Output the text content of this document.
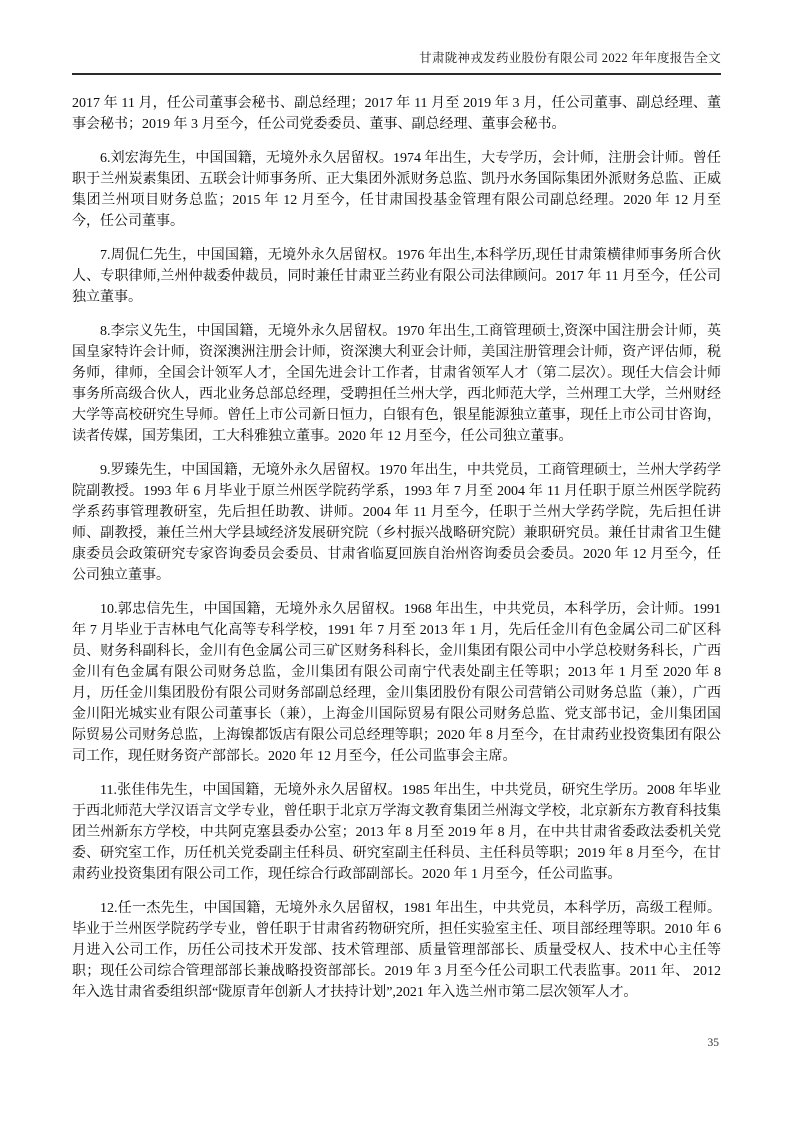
甘肃陇神戎发药业股份有限公司 2022 年年度报告全文

2017 年 11 月，任公司董事会秘书、副总经理；2017 年 11 月至 2019 年 3 月，任公司董事、副总经理、董事会秘书；2019 年 3 月至今，任公司党委委员、董事、副总经理、董事会秘书。

6.刘宏海先生，中国国籍，无境外永久居留权。1974 年出生，大专学历，会计师，注册会计师。曾任职于兰州炭素集团、五联会计师事务所、正大集团外派财务总监、凯丹水务国际集团外派财务总监、正威集团兰州项目财务总监；2015 年 12 月至今，任甘肃国投基金管理有限公司副总经理。2020 年 12 月至今，任公司董事。

7.周侃仁先生，中国国籍，无境外永久居留权。1976 年出生,本科学历,现任甘肃策横律师事务所合伙人、专职律师,兰州仲裁委仲裁员，同时兼任甘肃亚兰药业有限公司法律顾问。2017 年 11 月至今，任公司独立董事。

8.李宗义先生，中国国籍，无境外永久居留权。1970 年出生,工商管理硕士,资深中国注册会计师，英国皇家特许会计师，资深澳洲注册会计师，资深澳大利亚会计师，美国注册管理会计师，资产评估师，税务师，律师，全国会计领军人才，全国先进会计工作者，甘肃省领军人才（第二层次）。现任大信会计师事务所高级合伙人，西北业务总部总经理，受聘担任兰州大学，西北师范大学，兰州理工大学，兰州财经大学等高校研究生导师。曾任上市公司新日恒力，白银有色，银星能源独立董事，现任上市公司甘咨询，读者传媒，国芳集团，工大科雅独立董事。2020 年 12 月至今，任公司独立董事。

9.罗臻先生，中国国籍，无境外永久居留权。1970 年出生，中共党员，工商管理硕士，兰州大学药学院副教授。1993 年 6 月毕业于原兰州医学院药学系，1993 年 7 月至 2004 年 11 月任职于原兰州医学院药学系药事管理教研室，先后担任助教、讲师。2004 年 11 月至今，任职于兰州大学药学院，先后担任讲师、副教授，兼任兰州大学县域经济发展研究院（乡村振兴战略研究院）兼职研究员。兼任甘肃省卫生健康委员会政策研究专家咨询委员会委员、甘肃省临夏回族自治州咨询委员会委员。2020 年 12 月至今，任公司独立董事。

10.郭忠信先生，中国国籍，无境外永久居留权。1968 年出生，中共党员，本科学历，会计师。1991 年 7 月毕业于吉林电气化高等专科学校，1991 年 7 月至 2013 年 1 月，先后任金川有色金属公司二矿区科员、财务科副科长，金川有色金属公司三矿区财务科科长，金川集团有限公司中小学总校财务科长，广西金川有色金属有限公司财务总监，金川集团有限公司南宁代表处副主任等职；2013 年 1 月至 2020 年 8 月，历任金川集团股份有限公司财务部副总经理，金川集团股份有限公司营销公司财务总监（兼），广西金川阳光城实业有限公司董事长（兼），上海金川国际贸易有限公司财务总监、党支部书记，金川集团国际贸易公司财务总监，上海镍都饭店有限公司总经理等职；2020 年 8 月至今，在甘肃药业投资集团有限公司工作，现任财务资产部部长。2020 年 12 月至今，任公司监事会主席。

11.张佳伟先生，中国国籍，无境外永久居留权。1985 年出生，中共党员，研究生学历。2008 年毕业于西北师范大学汉语言文学专业，曾任职于北京万学海文教育集团兰州海文学校，北京新东方教育科技集团兰州新东方学校，中共阿克塞县委办公室；2013 年 8 月至 2019 年 8 月，在中共甘肃省委政法委机关党委、研究室工作，历任机关党委副主任科员、研究室副主任科员、主任科员等职；2019 年 8 月至今，在甘肃药业投资集团有限公司工作，现任综合行政部副部长。2020 年 1 月至今，任公司监事。

12.任一杰先生，中国国籍，无境外永久居留权，1981 年出生，中共党员，本科学历，高级工程师。毕业于兰州医学院药学专业，曾任职于甘肃省药物研究所，担任实验室主任、项目部经理等职。2010 年 6 月进入公司工作，历任公司技术开发部、技术管理部、质量管理部部长、质量受权人、技术中心主任等职；现任公司综合管理部部长兼战略投资部部长。2019 年 3 月至今任公司职工代表监事。2011 年、 2012 年入选甘肃省委组织部“陇原青年创新人才扶持计划”,2021 年入选兰州市第二层次领军人才。

35
